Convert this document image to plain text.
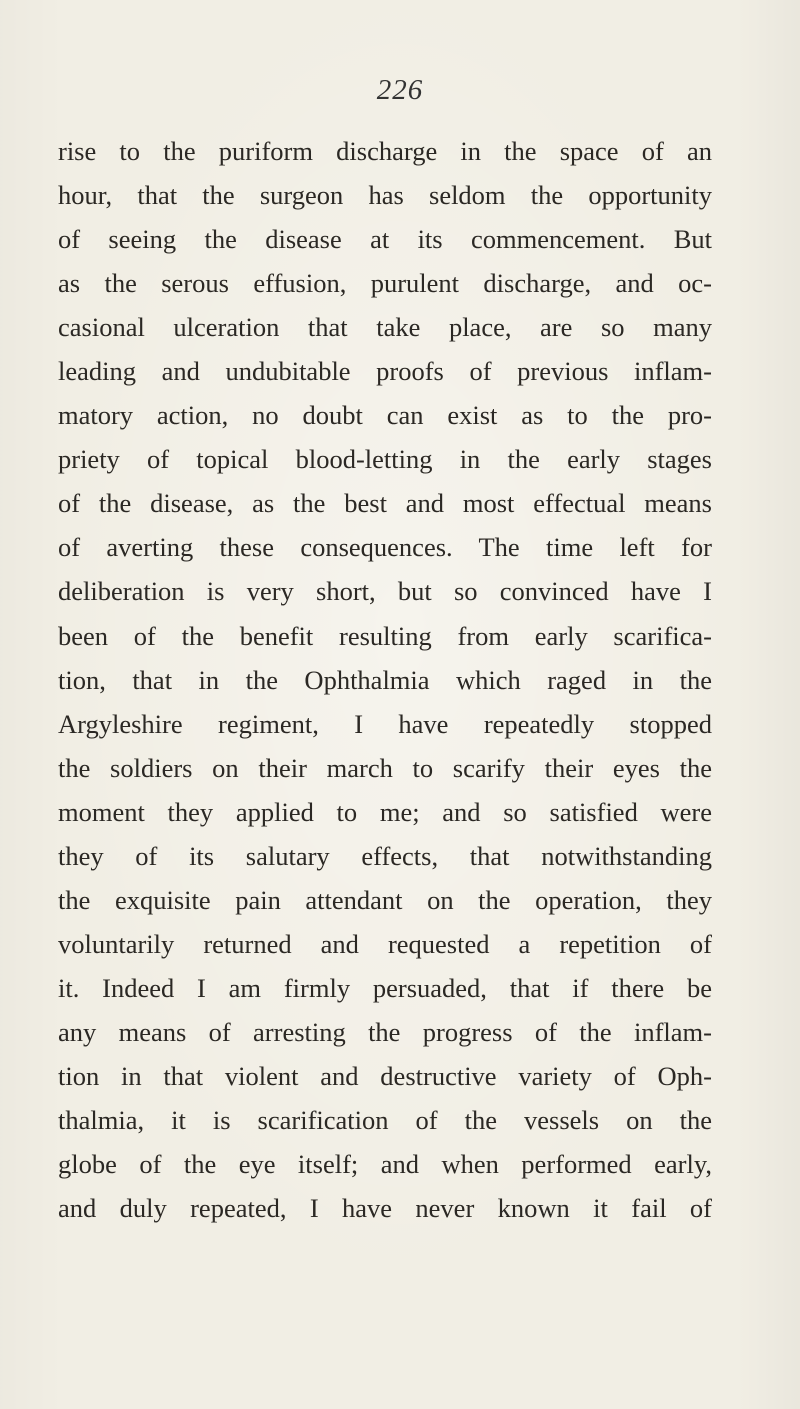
226
rise to the puriform discharge in the space of an
hour, that the surgeon has seldom the opportunity
of seeing the disease at its commencement. But
as the serous effusion, purulent discharge, and oc-
casional ulceration that take place, are so many
leading and undubitable proofs of previous inflam-
matory action, no doubt can exist as to the pro-
priety of topical blood-letting in the early stages
of the disease, as the best and most effectual means
of averting these consequences. The time left for
deliberation is very short, but so convinced have I
been of the benefit resulting from early scarifica-
tion, that in the Ophthalmia which raged in the
Argyleshire regiment, I have repeatedly stopped
the soldiers on their march to scarify their eyes the
moment they applied to me; and so satisfied were
they of its salutary effects, that notwithstanding
the exquisite pain attendant on the operation, they
voluntarily returned and requested a repetition of
it. Indeed I am firmly persuaded, that if there be
any means of arresting the progress of the inflam-
tion in that violent and destructive variety of Oph-
thalmia, it is scarification of the vessels on the
globe of the eye itself; and when performed early,
and duly repeated, I have never known it fail of
